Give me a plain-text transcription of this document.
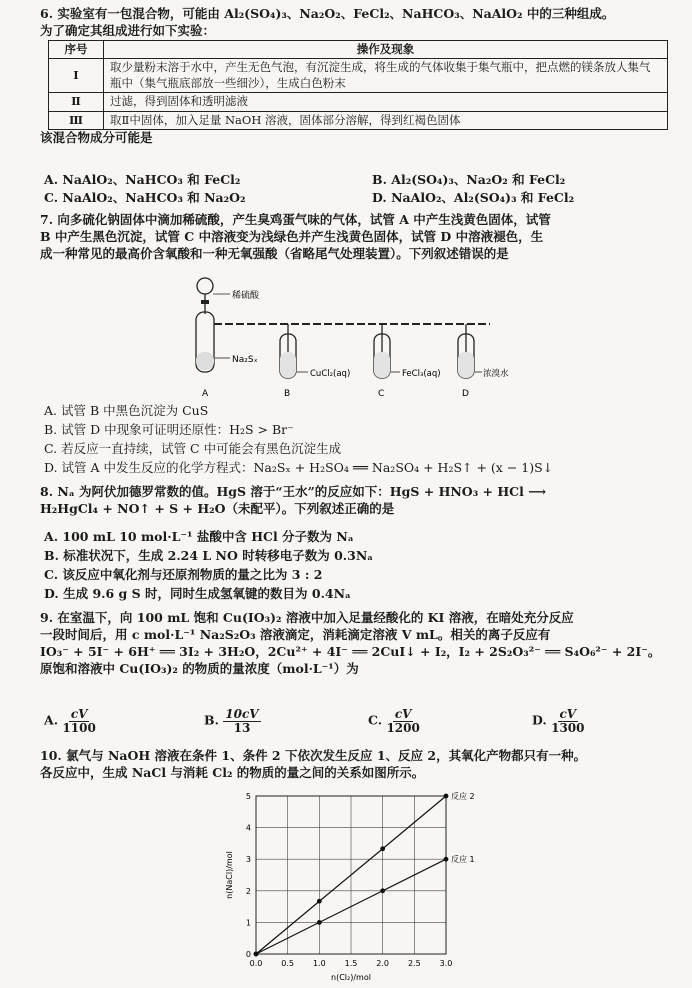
6. 实验室有一包混合物，可能由 Al₂(SO₄)₃、Na₂O₂、FeCl₂、NaHCO₃、NaAlO₂ 中的三种组成。
为了确定其组成进行如下实验：
序号	操作及现象
Ⅰ	取少量粉末溶于水中，产生无色气泡，有沉淀生成，将生成的气体收集于集气瓶中，把点燃的镁条放人集气瓶中（集气瓶底部放一些细沙），生成白色粉末
Ⅱ	过滤，得到固体和透明滤液
Ⅲ	取Ⅱ中固体，加入足量 NaOH 溶液，固体部分溶解，得到红褐色固体
该混合物成分可能是
A. NaAlO₂、NaHCO₃ 和 FeCl₂	B. Al₂(SO₄)₃、Na₂O₂ 和 FeCl₂
C. NaAlO₂、NaHCO₃ 和 Na₂O₂	D. NaAlO₂、Al₂(SO₄)₃ 和 FeCl₂
7. 向多硫化钠固体中滴加稀硫酸，产生臭鸡蛋气味的气体，试管 A 中产生浅黄色固体，试管
B 中产生黑色沉淀，试管 C 中溶液变为浅绿色并产生浅黄色固体，试管 D 中溶液褪色，生
成一种常见的最高价含氧酸和一种无氧强酸（省略尾气处理装置）。下列叙述错误的是
稀硫酸
Na₂Sₓ
A
CuCl₂(aq)
B
FeCl₃(aq)
C
浓溴水
D
A. 试管 B 中黑色沉淀为 CuS
B. 试管 D 中现象可证明还原性：H₂S > Br⁻
C. 若反应一直持续，试管 C 中可能会有黑色沉淀生成
D. 试管 A 中发生反应的化学方程式：Na₂Sₓ + H₂SO₄ ══ Na₂SO₄ + H₂S↑ + (x − 1)S↓
8. Nₐ 为阿伏加德罗常数的值。HgS 溶于“王水”的反应如下：HgS + HNO₃ + HCl ⟶
H₂HgCl₄ + NO↑ + S + H₂O（未配平）。下列叙述正确的是
A. 100 mL 10 mol·L⁻¹ 盐酸中含 HCl 分子数为 Nₐ
B. 标准状况下，生成 2.24 L NO 时转移电子数为 0.3Nₐ
C. 该反应中氧化剂与还原剂物质的量之比为 3 : 2
D. 生成 9.6 g S 时，同时生成氢氧键的数目为 0.4Nₐ
9. 在室温下，向 100 mL 饱和 Cu(IO₃)₂ 溶液中加入足量经酸化的 KI 溶液，在暗处充分反应
一段时间后，用 c mol·L⁻¹ Na₂S₂O₃ 溶液滴定，消耗滴定溶液 V mL。相关的离子反应有
IO₃⁻ + 5I⁻ + 6H⁺ ══ 3I₂ + 3H₂O，2Cu²⁺ + 4I⁻ ══ 2CuI↓ + I₂，I₂ + 2S₂O₃²⁻ ══ S₄O₆²⁻ + 2I⁻。
原饱和溶液中 Cu(IO₃)₂ 的物质的量浓度（mol·L⁻¹）为
A. $\frac{cV}{1100}$	B. $\frac{10cV}{13}$	C. $\frac{cV}{1200}$	D. $\frac{cV}{1300}$
10. 氯气与 NaOH 溶液在条件 1、条件 2 下依次发生反应 1、反应 2，其氧化产物都只有一种。
各反应中，生成 NaCl 与消耗 Cl₂ 的物质的量之间的关系如图所示。
0.0 0.5 1.0 1.5 2.0 2.5 3.0
0
1
2
3
4
5
n(Cl₂)/mol
n(NaCl)/mol
反应 2
反应 1
